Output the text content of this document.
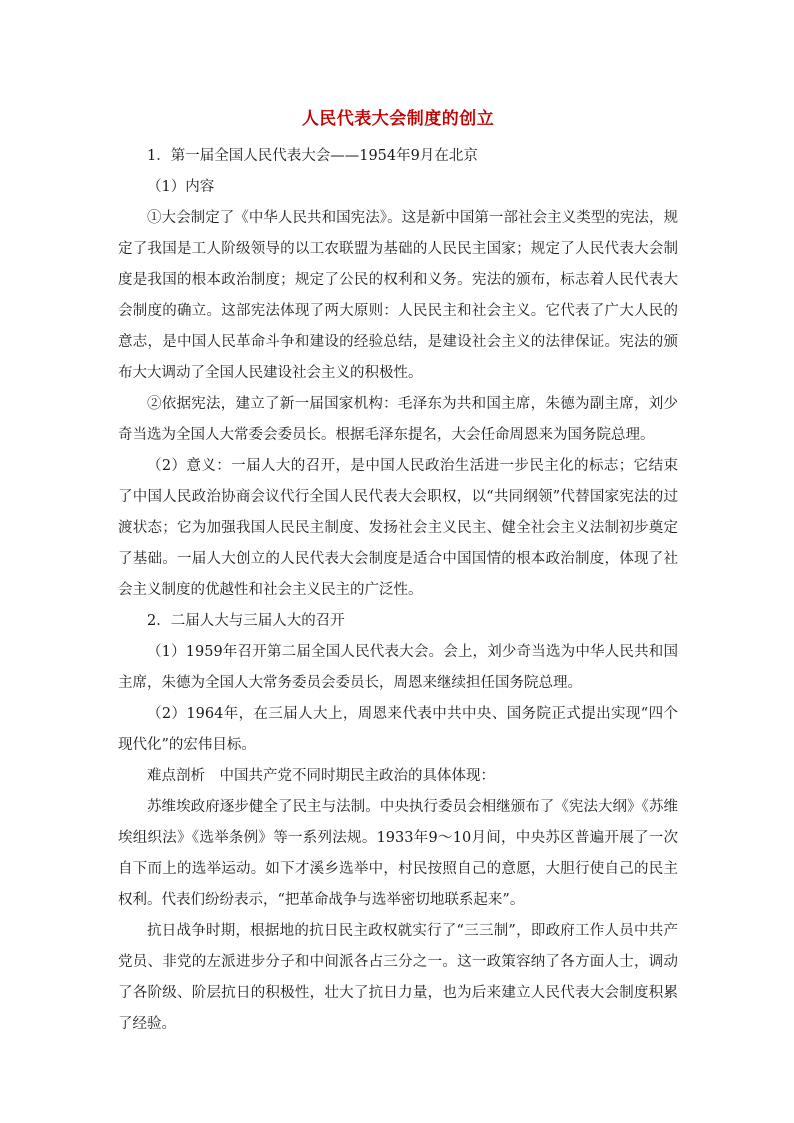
人民代表大会制度的创立

1．第一届全国人民代表大会——1954年9月在北京

（1）内容

①大会制定了《中华人民共和国宪法》。这是新中国第一部社会主义类型的宪法，规定了我国是工人阶级领导的以工农联盟为基础的人民民主国家；规定了人民代表大会制度是我国的根本政治制度；规定了公民的权利和义务。宪法的颁布，标志着人民代表大会制度的确立。这部宪法体现了两大原则：人民民主和社会主义。它代表了广大人民的意志，是中国人民革命斗争和建设的经验总结，是建设社会主义的法律保证。宪法的颁布大大调动了全国人民建设社会主义的积极性。

②依据宪法，建立了新一届国家机构：毛泽东为共和国主席，朱德为副主席，刘少奇当选为全国人大常委会委员长。根据毛泽东提名，大会任命周恩来为国务院总理。

（2）意义：一届人大的召开，是中国人民政治生活进一步民主化的标志；它结束了中国人民政治协商会议代行全国人民代表大会职权，以“共同纲领”代替国家宪法的过渡状态；它为加强我国人民民主制度、发扬社会主义民主、健全社会主义法制初步奠定了基础。一届人大创立的人民代表大会制度是适合中国国情的根本政治制度，体现了社会主义制度的优越性和社会主义民主的广泛性。

2．二届人大与三届人大的召开

（1）1959年召开第二届全国人民代表大会。会上，刘少奇当选为中华人民共和国主席，朱德为全国人大常务委员会委员长，周恩来继续担任国务院总理。

（2）1964年，在三届人大上，周恩来代表中共中央、国务院正式提出实现“四个现代化”的宏伟目标。

难点剖析　中国共产党不同时期民主政治的具体体现：

苏维埃政府逐步健全了民主与法制。中央执行委员会相继颁布了《宪法大纲》《苏维埃组织法》《选举条例》等一系列法规。1933年9～10月间，中央苏区普遍开展了一次自下而上的选举运动。如下才溪乡选举中，村民按照自己的意愿，大胆行使自己的民主权利。代表们纷纷表示，“把革命战争与选举密切地联系起来”。

抗日战争时期，根据地的抗日民主政权就实行了“三三制”，即政府工作人员中共产党员、非党的左派进步分子和中间派各占三分之一。这一政策容纳了各方面人士，调动了各阶级、阶层抗日的积极性，壮大了抗日力量，也为后来建立人民代表大会制度积累了经验。
